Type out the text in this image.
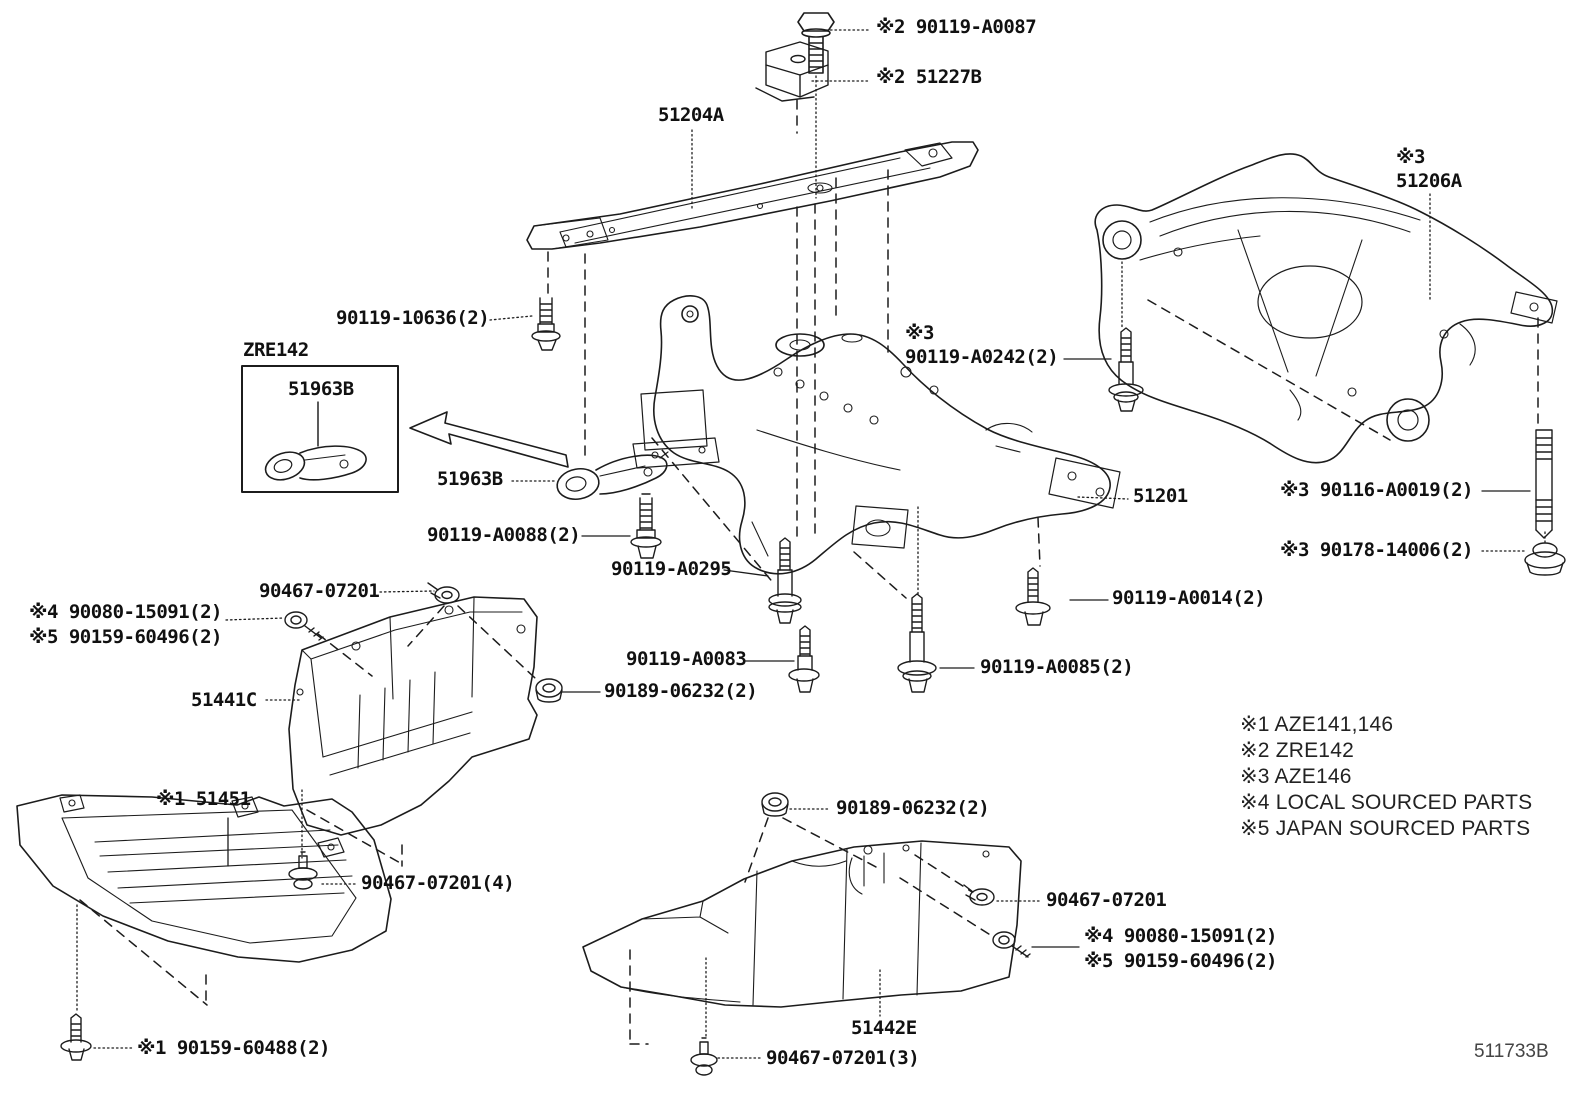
※2 90119-A0087
※2 51227B
51204A
90119-10636(2)
ZRE142
51963B
51963B
90119-A0088(2)
※3
90119-A0242(2)
※3
51206A
51201	※3 90116-A0019(2)
※3 90178-14006(2)
90119-A0295
90119-A0014(2)
90119-A0083	90119-A0085(2)
90189-06232(2)
90467-07201
※4 90080-15091(2)
※5 90159-60496(2)
51441C
※1 51451
90467-07201(4)
※1 90159-60488(2)
90189-06232(2)
90467-07201
※4 90080-15091(2)
※5 90159-60496(2)
51442E
90467-07201(3)
※1 AZE141,146
※2 ZRE142
※3 AZE146
※4 LOCAL SOURCED PARTS
※5 JAPAN SOURCED PARTS
511733B
